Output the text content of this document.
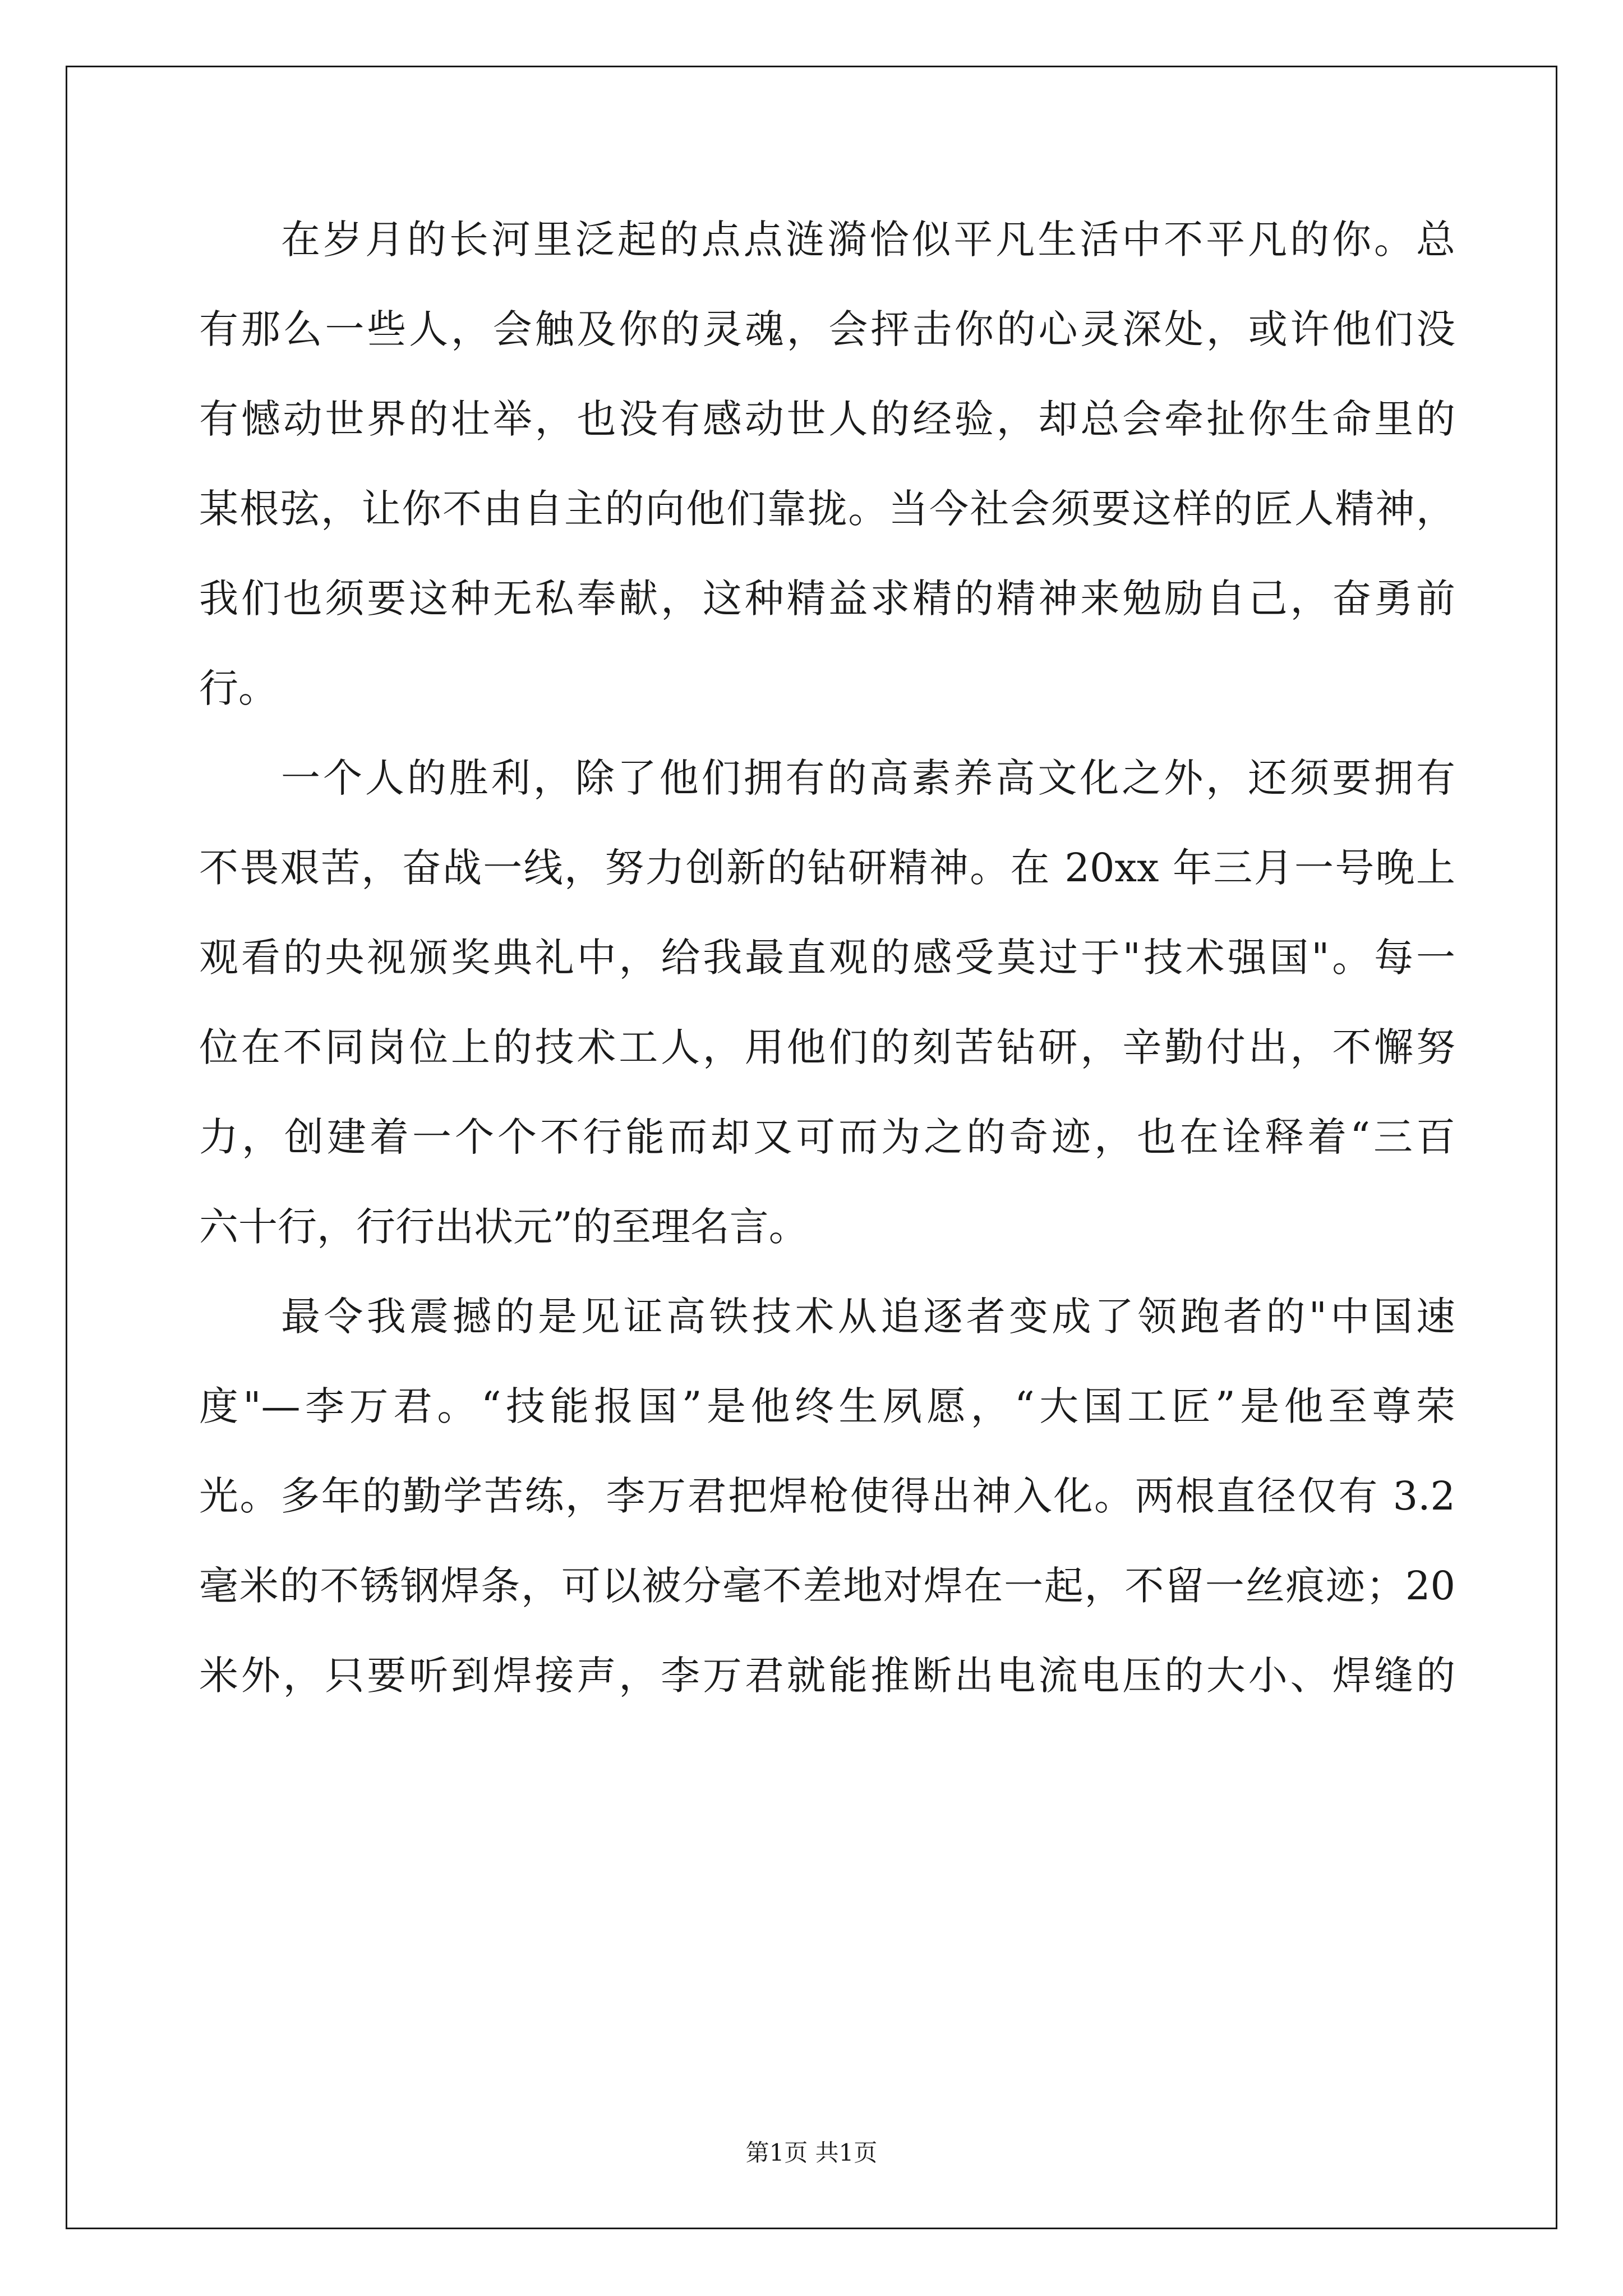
在岁月的长河里泛起的点点涟漪恰似平凡生活中不平凡的你。总
有那么一些人，会触及你的灵魂，会抨击你的心灵深处，或许他们没
有憾动世界的壮举，也没有感动世人的经验，却总会牵扯你生命里的
某根弦，让你不由自主的向他们靠拢。当今社会须要这样的匠人精神，
我们也须要这种无私奉献，这种精益求精的精神来勉励自己，奋勇前
行。
一个人的胜利，除了他们拥有的高素养高文化之外，还须要拥有
不畏艰苦，奋战一线，努力创新的钻研精神。在 20xx 年三月一号晚上
观看的央视颁奖典礼中，给我最直观的感受莫过于"技术强国"。每一
位在不同岗位上的技术工人，用他们的刻苦钻研，辛勤付出，不懈努
力，创建着一个个不行能而却又可而为之的奇迹，也在诠释着“三百
六十行，行行出状元”的至理名言。
最令我震撼的是见证高铁技术从追逐者变成了领跑者的"中国速
度"—李万君。“技能报国”是他终生夙愿，“大国工匠”是他至尊荣
光。多年的勤学苦练，李万君把焊枪使得出神入化。两根直径仅有 3.2
毫米的不锈钢焊条，可以被分毫不差地对焊在一起，不留一丝痕迹；20
米外，只要听到焊接声，李万君就能推断出电流电压的大小、焊缝的
第1页 共1页
